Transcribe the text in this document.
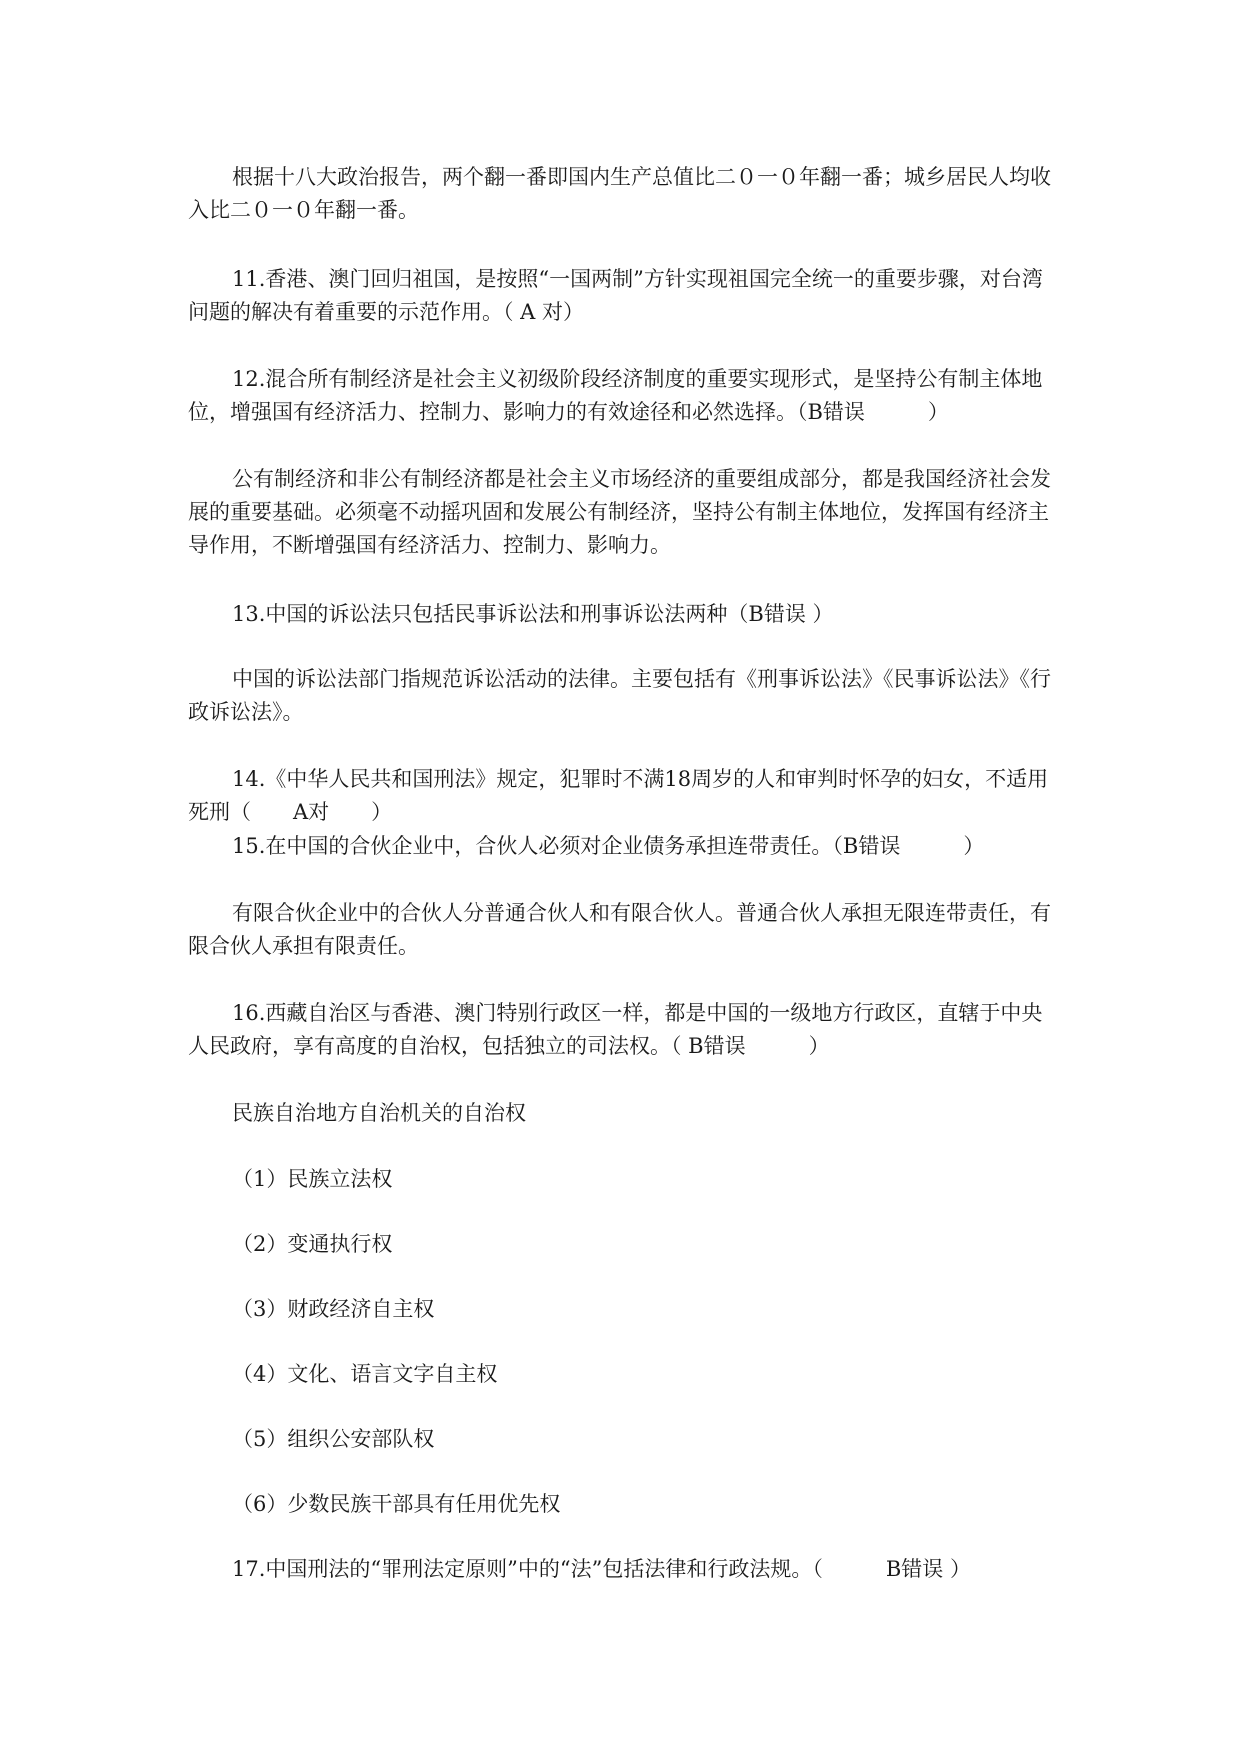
根据十八大政治报告，两个翻一番即国内生产总值比二０一０年翻一番；城乡居民人均收入比二０一０年翻一番。

11.香港、澳门回归祖国，是按照“一国两制”方针实现祖国完全统一的重要步骤，对台湾问题的解决有着重要的示范作用。（ A 对）

12.混合所有制经济是社会主义初级阶段经济制度的重要实现形式，是坚持公有制主体地位，增强国有经济活力、控制力、影响力的有效途径和必然选择。（B错误　　　）

公有制经济和非公有制经济都是社会主义市场经济的重要组成部分，都是我国经济社会发展的重要基础。必须毫不动摇巩固和发展公有制经济，坚持公有制主体地位，发挥国有经济主导作用，不断增强国有经济活力、控制力、影响力。

13.中国的诉讼法只包括民事诉讼法和刑事诉讼法两种（B错误 ）

中国的诉讼法部门指规范诉讼活动的法律。主要包括有《刑事诉讼法》《民事诉讼法》《行政诉讼法》。

14.《中华人民共和国刑法》规定，犯罪时不满18周岁的人和审判时怀孕的妇女，不适用死刑（　　A对　　）

15.在中国的合伙企业中，合伙人必须对企业债务承担连带责任。（B错误　　　）

有限合伙企业中的合伙人分普通合伙人和有限合伙人。普通合伙人承担无限连带责任，有限合伙人承担有限责任。

16.西藏自治区与香港、澳门特别行政区一样，都是中国的一级地方行政区，直辖于中央人民政府，享有高度的自治权，包括独立的司法权。（ B错误　　　）

民族自治地方自治机关的自治权

（1）民族立法权

（2）变通执行权

（3）财政经济自主权

（4）文化、语言文字自主权

（5）组织公安部队权

（6）少数民族干部具有任用优先权

17.中国刑法的“罪刑法定原则”中的“法”包括法律和行政法规。（　　　B错误 ）
